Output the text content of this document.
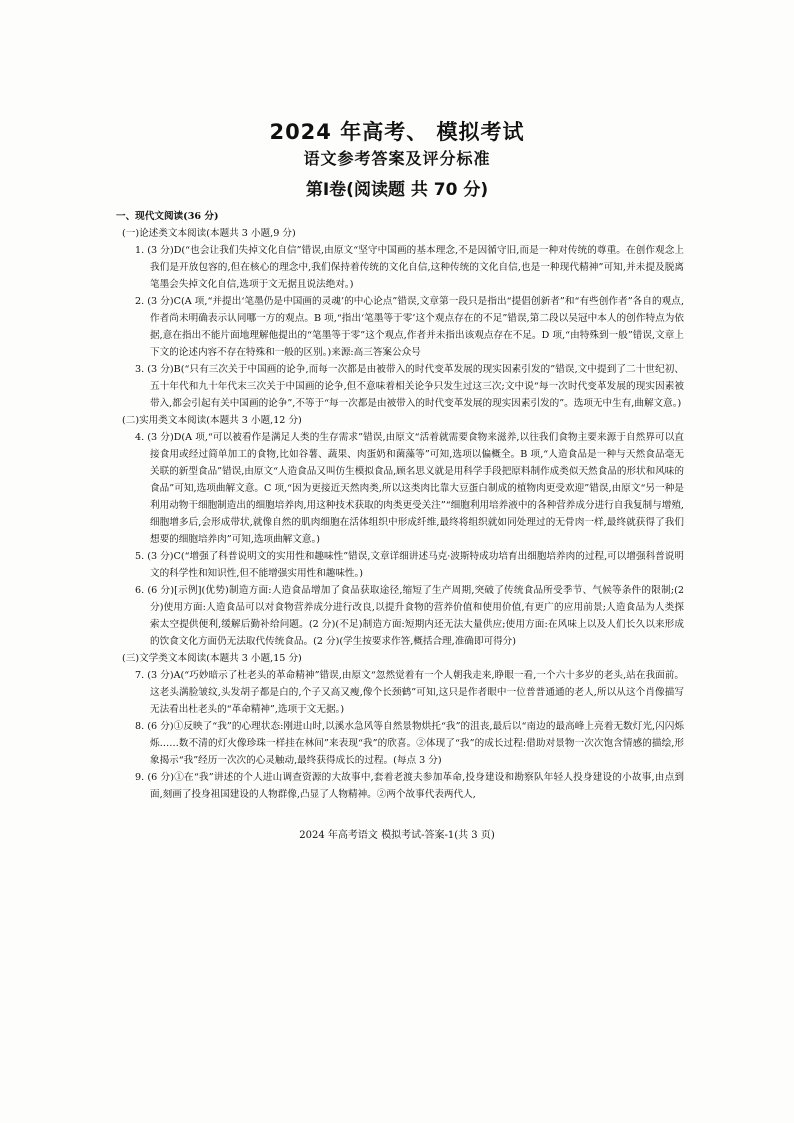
2024 年高考、 模拟考试
语文参考答案及评分标准
第Ⅰ卷(阅读题 共 70 分)
一、现代文阅读(36 分)
(一)论述类文本阅读(本题共 3 小题,9 分)
1. (3 分)D(“也会让我们失掉文化自信”错误,由原文“坚守中国画的基本理念,不是因循守旧,而是一种对传统的尊重。在创作观念上我们是开放包容的,但在核心的理念中,我们保持着传统的文化自信,这种传统的文化自信,也是一种现代精神”可知,并未提及脱离笔墨会失掉文化自信,选项于文无据且说法绝对。)
2. (3 分)C(A 项,“并提出‘笔墨仍是中国画的灵魂’的中心论点”错误,文章第一段只是指出“提倡创新者”和“有些创作者”各自的观点,作者尚未明确表示认同哪一方的观点。B 项,“指出‘笔墨等于零’这个观点存在的不足”错误,第二段以吴冠中本人的创作特点为依据,意在指出不能片面地理解他提出的“笔墨等于零”这个观点,作者并未指出该观点存在不足。D 项,“由特殊到一般”错误,文章上下文的论述内容不存在特殊和一般的区别。)来源:高三答案公众号
3. (3 分)B(“只有三次关于中国画的论争,而每一次都是由被带入的时代变革发展的现实因素引发的”错误,文中提到了二十世纪初、五十年代和九十年代末三次关于中国画的论争,但不意味着相关论争只发生过这三次;文中说“每一次时代变革发展的现实因素被带入,都会引起有关中国画的论争”,不等于“每一次都是由被带入的时代变革发展的现实因素引发的”。选项无中生有,曲解文意。)
(二)实用类文本阅读(本题共 3 小题,12 分)
4. (3 分)D(A 项,“可以被看作是满足人类的生存需求”错误,由原文“活着就需要食物来滋养,以往我们食物主要来源于自然界可以直接食用或经过简单加工的食物,比如谷薯、蔬果、肉蛋奶和菌藻等”可知,选项以偏概全。B 项,“人造食品是一种与天然食品毫无关联的新型食品”错误,由原文“人造食品又叫仿生模拟食品,顾名思义就是用科学手段把原料制作成类似天然食品的形状和风味的食品”可知,选项曲解文意。C 项,“因为更接近天然肉类,所以这类肉比靠大豆蛋白制成的植物肉更受欢迎”错误,由原文“另一种是利用动物干细胞制造出的细胞培养肉,用这种技术获取的肉类更受关注”“细胞利用培养液中的各种营养成分进行自我复制与增殖,细胞增多后,会形成带状,就像自然的肌肉细胞在活体组织中形成纤维,最终将组织就如同处理过的无骨肉一样,最终就获得了我们想要的细胞培养肉”可知,选项曲解文意。)
5. (3 分)C(“增强了科普说明文的实用性和趣味性”错误,文章详细讲述马克·波斯特成功培育出细胞培养肉的过程,可以增强科普说明文的科学性和知识性,但不能增强实用性和趣味性。)
6. (6 分)[示例](优势)制造方面:人造食品增加了食品获取途径,缩短了生产周期,突破了传统食品所受季节、气候等条件的限制;(2 分)使用方面:人造食品可以对食物营养成分进行改良,以提升食物的营养价值和使用价值,有更广的应用前景;人造食品为人类探索太空提供便利,缓解后勤补给问题。(2 分)(不足)制造方面:短期内还无法大量供应;使用方面:在风味上以及人们长久以来形成的饮食文化方面仍无法取代传统食品。(2 分)(学生按要求作答,概括合理,准确即可得分)
(三)文学类文本阅读(本题共 3 小题,15 分)
7. (3 分)A(“巧妙暗示了杜老头的革命精神”错误,由原文“忽然觉着有一个人朝我走来,睁眼一看,一个六十多岁的老头,站在我面前。这老头满脸皱纹,头发胡子都是白的,个子又高又瘦,像个长颈鹤”可知,这只是作者眼中一位普普通通的老人,所以从这个肖像描写无法看出杜老头的“革命精神”,选项于文无据。)
8. (6 分)①反映了“我”的心理状态:刚进山时,以溪水急风等自然景物烘托“我”的沮丧,最后以“南边的最高峰上亮着无数灯光,闪闪烁烁……数不清的灯火像珍珠一样挂在林间”来表现“我”的欣喜。②体现了“我”的成长过程:借助对景物一次次饱含情感的描绘,形象揭示“我”经历一次次的心灵触动,最终获得成长的过程。(每点 3 分)
9. (6 分)①在“我”讲述的个人进山调查资源的大故事中,套着老渡夫参加革命,投身建设和勘察队年轻人投身建设的小故事,由点到面,刻画了投身祖国建设的人物群像,凸显了人物精神。②两个故事代表两代人,
2024 年高考语文 模拟考试-答案-1(共 3 页)
